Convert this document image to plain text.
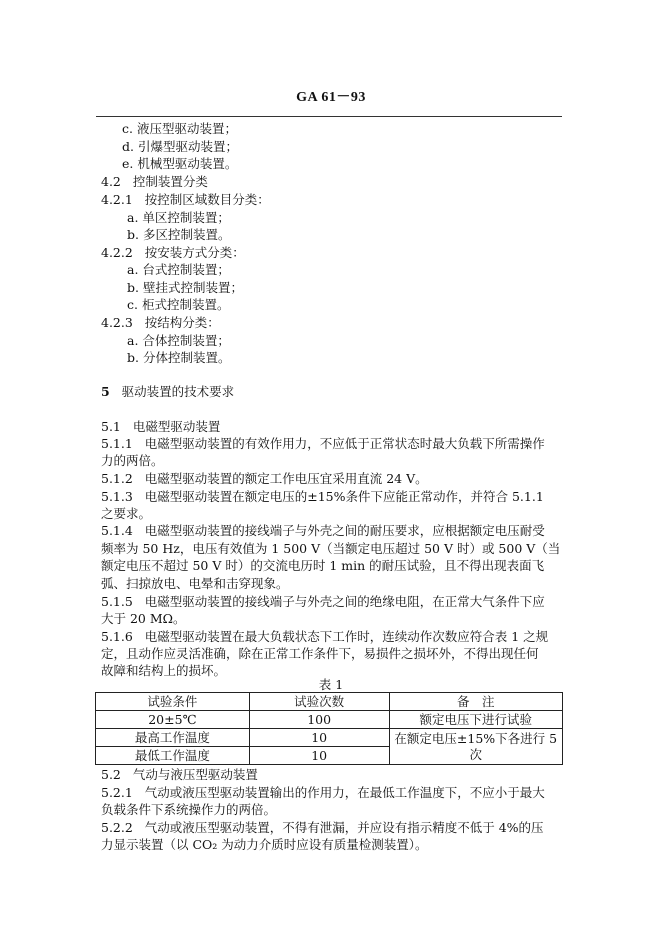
GA 61－93
c. 液压型驱动装置；
d. 引爆型驱动装置；
e. 机械型驱动装置。
4.2 控制装置分类
4.2.1 按控制区域数目分类：
a. 单区控制装置；
b. 多区控制装置。
4.2.2 按安装方式分类：
a. 台式控制装置；
b. 壁挂式控制装置；
c. 柜式控制装置。
4.2.3 按结构分类：
a. 合体控制装置；
b. 分体控制装置。
5 驱动装置的技术要求
5.1 电磁型驱动装置
5.1.1 电磁型驱动装置的有效作用力，不应低于正常状态时最大负载下所需操作
力的两倍。
5.1.2 电磁型驱动装置的额定工作电压宜采用直流 24 V。
5.1.3 电磁型驱动装置在额定电压的±15%条件下应能正常动作，并符合 5.1.1
之要求。
5.1.4 电磁型驱动装置的接线端子与外壳之间的耐压要求，应根据额定电压耐受
频率为 50 Hz，电压有效值为 1 500 V（当额定电压超过 50 V 时）或 500 V（当
额定电压不超过 50 V 时）的交流电历时 1 min 的耐压试验，且不得出现表面飞
弧、扫掠放电、电晕和击穿现象。
5.1.5 电磁型驱动装置的接线端子与外壳之间的绝缘电阻，在正常大气条件下应
大于 20 MΩ。
5.1.6 电磁型驱动装置在最大负载状态下工作时，连续动作次数应符合表 1 之规
定，且动作应灵活准确，除在正常工作条件下，易损件之损坏外，不得出现任何
故障和结构上的损坏。
表 1
试验条件	试验次数	备　注
20±5℃	100	额定电压下进行试验
最高工作温度	10	在额定电压±15%下各进行 5 次
最低工作温度	10	
5.2 气动与液压型驱动装置
5.2.1 气动或液压型驱动装置输出的作用力，在最低工作温度下，不应小于最大
负载条件下系统操作力的两倍。
5.2.2 气动或液压型驱动装置，不得有泄漏，并应设有指示精度不低于 4%的压
力显示装置（以 CO₂ 为动力介质时应设有质量检测装置）。
